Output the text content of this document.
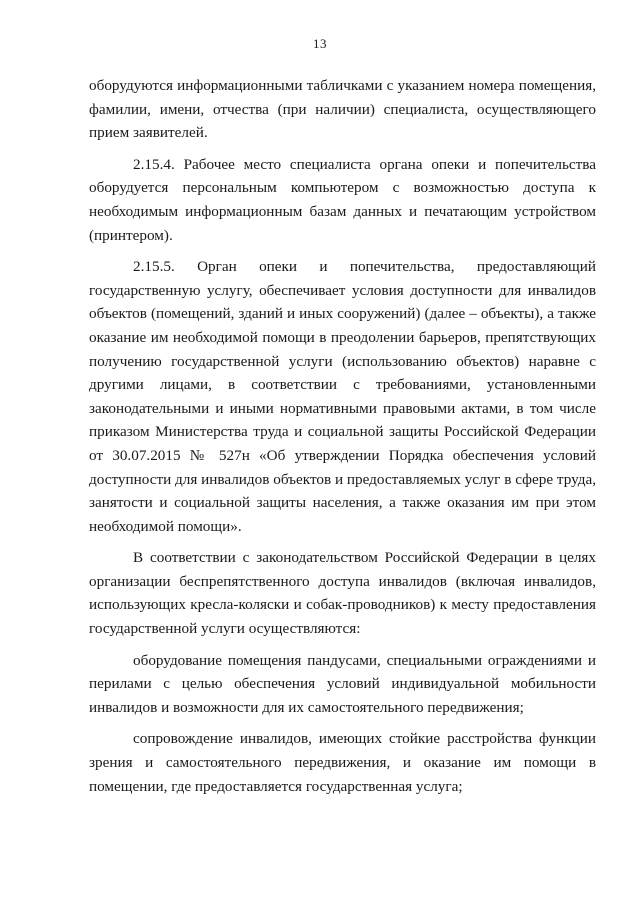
13

оборудуются информационными табличками с указанием номера помещения, фамилии, имени, отчества (при наличии) специалиста, осуществляющего прием заявителей.

2.15.4. Рабочее место специалиста органа опеки и попечительства оборудуется персональным компьютером с возможностью доступа к необходимым информационным базам данных и печатающим устройством (принтером).

2.15.5. Орган опеки и попечительства, предоставляющий государственную услугу, обеспечивает условия доступности для инвалидов объектов (помещений, зданий и иных сооружений) (далее – объекты), а также оказание им необходимой помощи в преодолении барьеров, препятствующих получению государственной услуги (использованию объектов) наравне с другими лицами, в соответствии с требованиями, установленными законодательными и иными нормативными правовыми актами, в том числе приказом Министерства труда и социальной защиты Российской Федерации от 30.07.2015 № 527н «Об утверждении Порядка обеспечения условий доступности для инвалидов объектов и предоставляемых услуг в сфере труда, занятости и социальной защиты населения, а также оказания им при этом необходимой помощи».

В соответствии с законодательством Российской Федерации в целях организации беспрепятственного доступа инвалидов (включая инвалидов, использующих кресла-коляски и собак-проводников) к месту предоставления государственной услуги осуществляются:

оборудование помещения пандусами, специальными ограждениями и перилами с целью обеспечения условий индивидуальной мобильности инвалидов и возможности для их самостоятельного передвижения;

сопровождение инвалидов, имеющих стойкие расстройства функции зрения и самостоятельного передвижения, и оказание им помощи в помещении, где предоставляется государственная услуга;
